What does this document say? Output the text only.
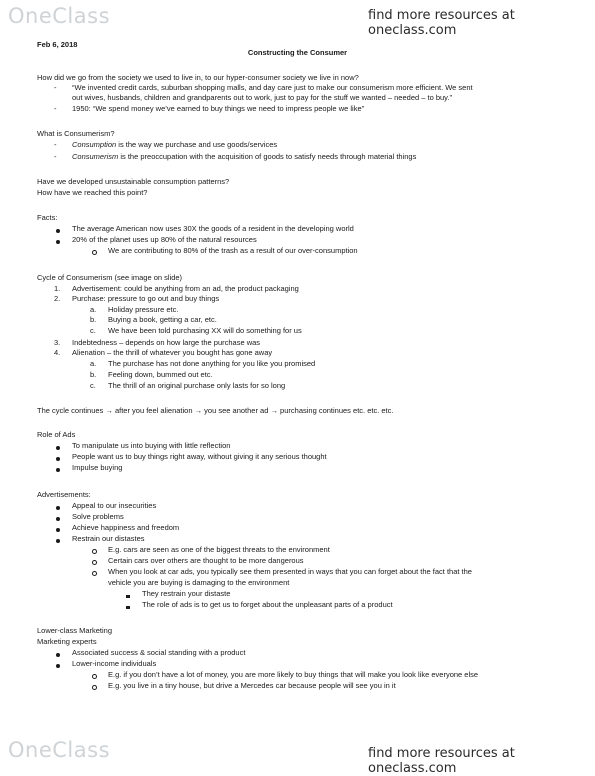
OneClass	find more resources at oneclass.com
Feb 6, 2018
Constructing the Consumer
How did we go from the society we used to live in, to our hyper-consumer society we live in now?
- “We invented credit cards, suburban shopping malls, and day care just to make our consumerism more efficient. We sent
out wives, husbands, children and grandparents out to work, just to pay for the stuff we wanted – needed – to buy.”
- 1950: “We spend money we’ve earned to buy things we need to impress people we like”
What is Consumerism?
- Consumption is the way we purchase and use goods/services
- Consumerism is the preoccupation with the acquisition of goods to satisfy needs through material things
Have we developed unsustainable consumption patterns?
How have we reached this point?
Facts:
The average American now uses 30X the goods of a resident in the developing world
20% of the planet uses up 80% of the natural resources
We are contributing to 80% of the trash as a result of our over-consumption
Cycle of Consumerism (see image on slide)
1. Advertisement: could be anything from an ad, the product packaging
2. Purchase: pressure to go out and buy things
a. Holiday pressure etc.
b. Buying a book, getting a car, etc.
c. We have been told purchasing XX will do something for us
3. Indebtedness – depends on how large the purchase was
4. Alienation – the thrill of whatever you bought has gone away
a. The purchase has not done anything for you like you promised
b. Feeling down, bummed out etc.
c. The thrill of an original purchase only lasts for so long
The cycle continues → after you feel alienation → you see another ad → purchasing continues etc. etc. etc.
Role of Ads
To manipulate us into buying with little reflection
People want us to buy things right away, without giving it any serious thought
Impulse buying
Advertisements:
Appeal to our insecurities
Solve problems
Achieve happiness and freedom
Restrain our distastes
E.g. cars are seen as one of the biggest threats to the environment
Certain cars over others are thought to be more dangerous
When you look at car ads, you typically see them presented in ways that you can forget about the fact that the
vehicle you are buying is damaging to the environment
They restrain your distaste
The role of ads is to get us to forget about the unpleasant parts of a product
Lower-class Marketing
Marketing experts
Associated success & social standing with a product
Lower-income individuals
E.g. if you don’t have a lot of money, you are more likely to buy things that will make you look like everyone else
E.g. you live in a tiny house, but drive a Mercedes car because people will see you in it
OneClass	find more resources at oneclass.com
